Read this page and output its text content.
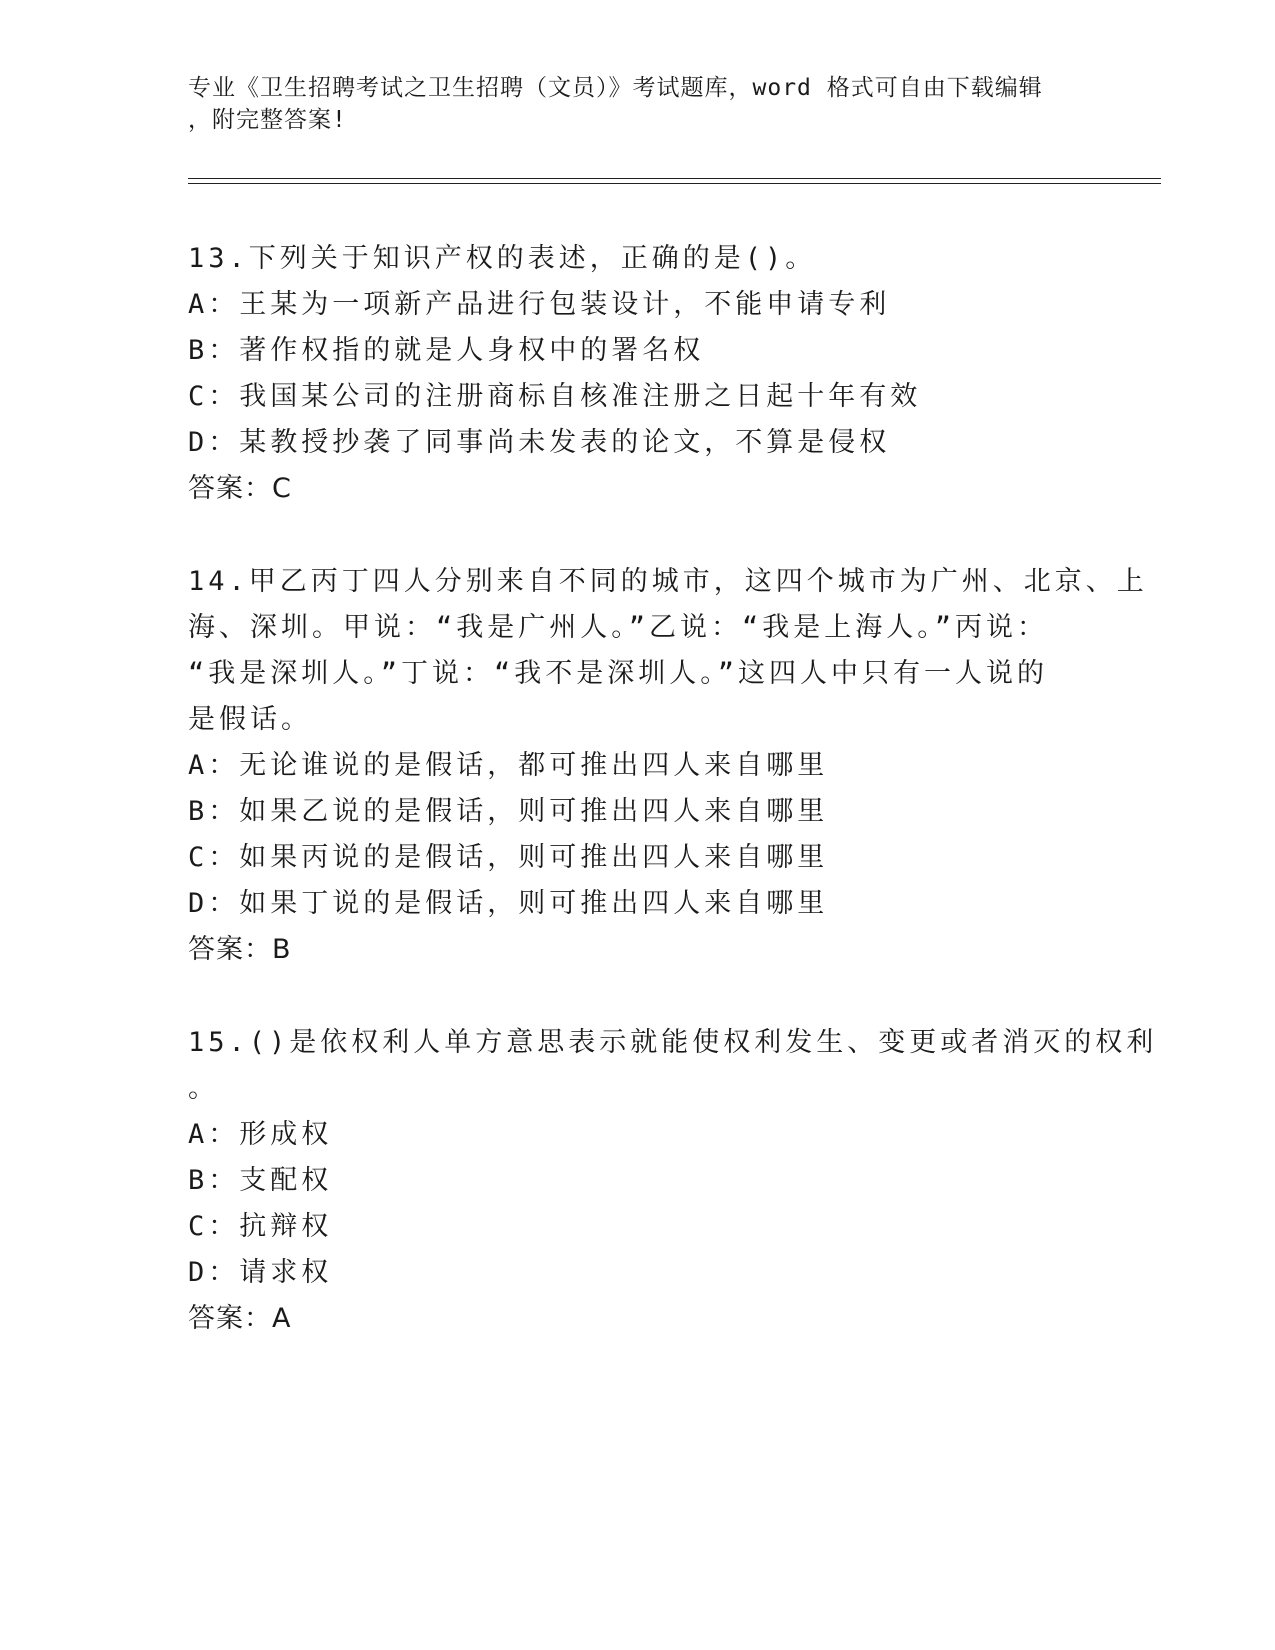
专业《卫生招聘考试之卫生招聘（文员）》考试题库，word 格式可自由下载编辑
，附完整答案!
13.下列关于知识产权的表述，正确的是()。
A：王某为一项新产品进行包装设计，不能申请专利
B：著作权指的就是人身权中的署名权
C：我国某公司的注册商标自核准注册之日起十年有效
D：某教授抄袭了同事尚未发表的论文，不算是侵权
答案：C
14.甲乙丙丁四人分别来自不同的城市，这四个城市为广州、北京、上
海、深圳。甲说：“我是广州人。”乙说：“我是上海人。”丙说：
“我是深圳人。”丁说：“我不是深圳人。”这四人中只有一人说的
是假话。
A：无论谁说的是假话，都可推出四人来自哪里
B：如果乙说的是假话，则可推出四人来自哪里
C：如果丙说的是假话，则可推出四人来自哪里
D：如果丁说的是假话，则可推出四人来自哪里
答案：B
15.()是依权利人单方意思表示就能使权利发生、变更或者消灭的权利
。
A：形成权
B：支配权
C：抗辩权
D：请求权
答案：A
